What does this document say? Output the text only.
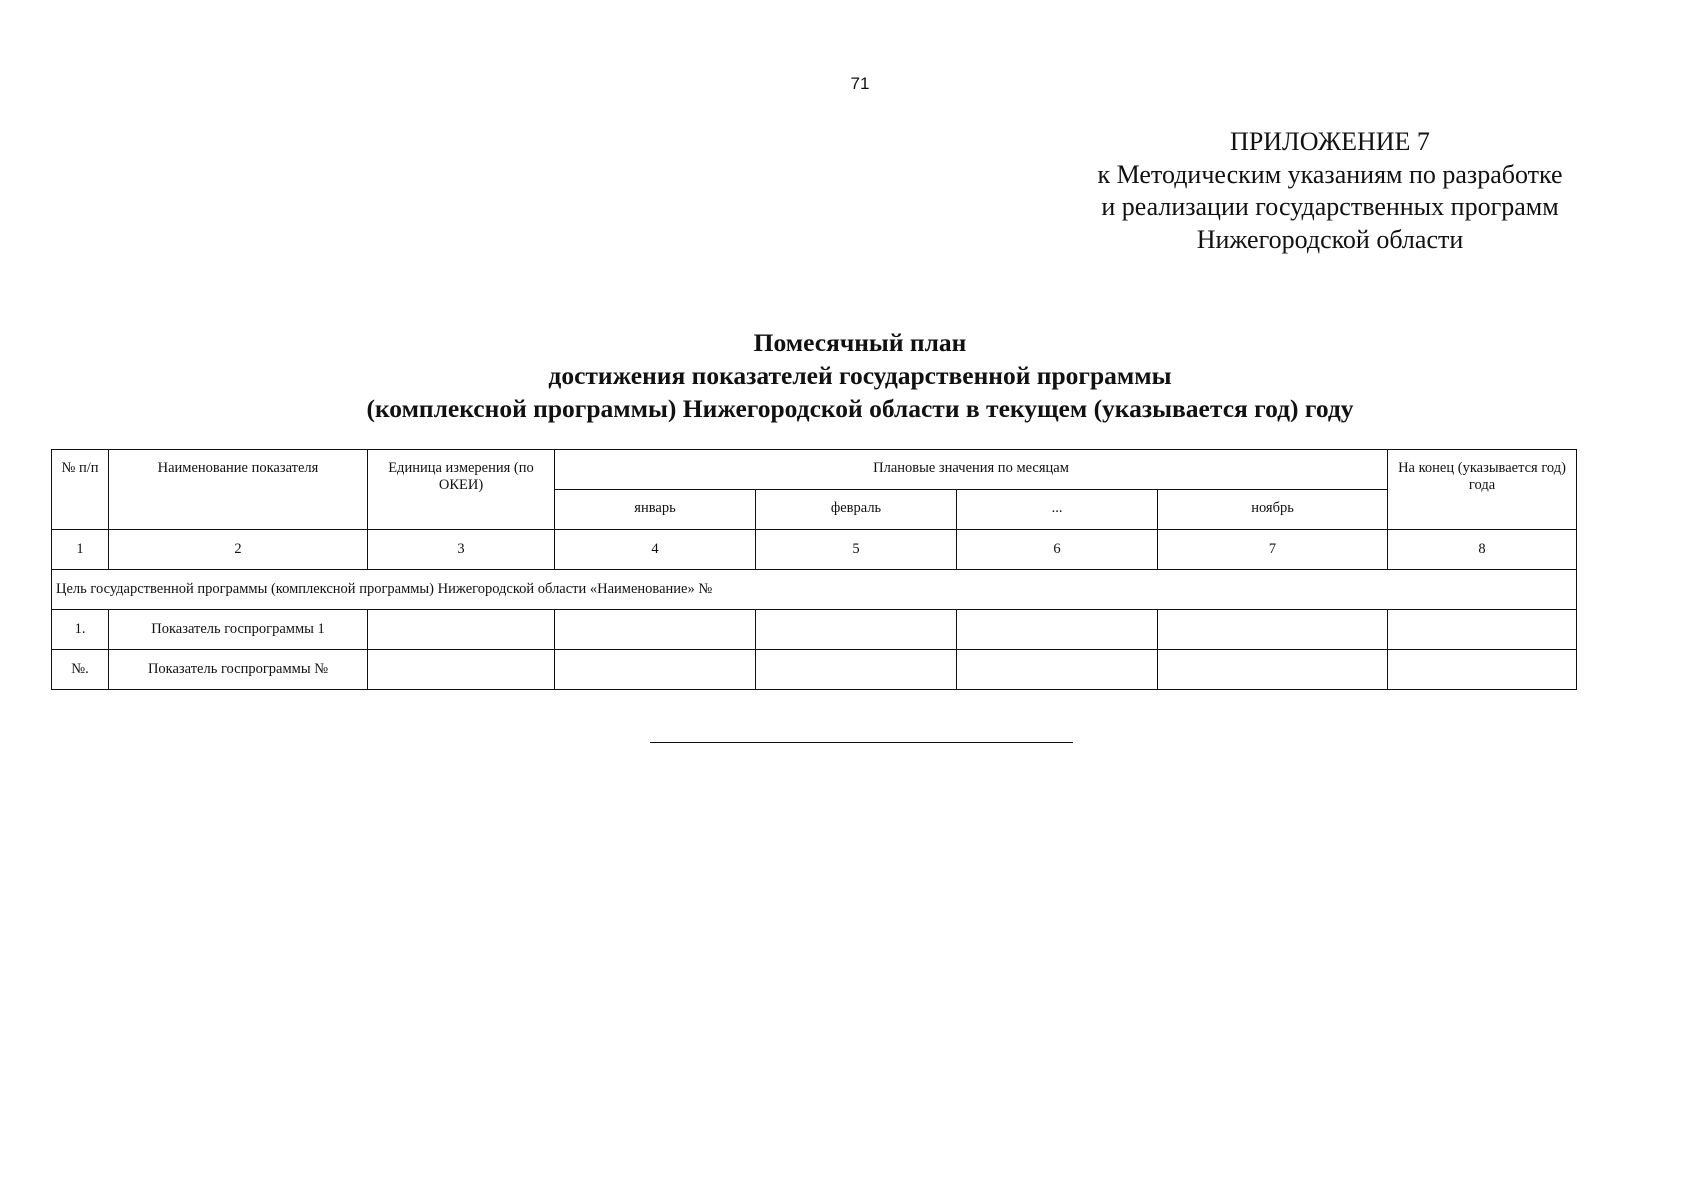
71
ПРИЛОЖЕНИЕ 7
к Методическим указаниям по разработке
и реализации государственных программ
Нижегородской области
Помесячный план
достижения показателей государственной программы
(комплексной программы) Нижегородской области в текущем (указывается год) году
№ п/п	Наименование показателя	Единица измерения (по ОКЕИ)	Плановые значения по месяцам				На конец (указывается год) года
			январь	февраль	...	ноябрь	
1	2	3	4	5	6	7	8
Цель государственной программы (комплексной программы) Нижегородской области «Наименование» №							
1.	Показатель госпрограммы 1						
№.	Показатель госпрограммы №						
